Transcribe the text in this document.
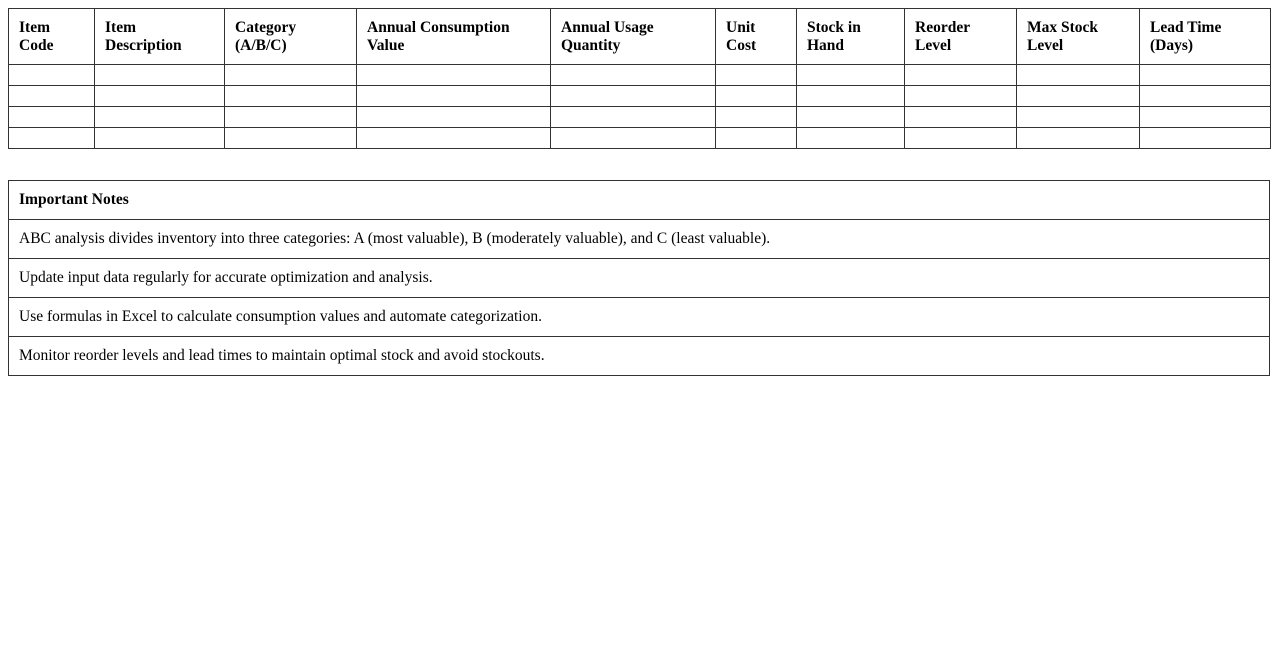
Item Code	Item Description	Category (A/B/C)	Annual Consumption Value	Annual Usage Quantity	Unit Cost	Stock in Hand	Reorder Level	Max Stock Level	Lead Time (Days)

Important Notes
ABC analysis divides inventory into three categories: A (most valuable), B (moderately valuable), and C (least valuable).
Update input data regularly for accurate optimization and analysis.
Use formulas in Excel to calculate consumption values and automate categorization.
Monitor reorder levels and lead times to maintain optimal stock and avoid stockouts.
